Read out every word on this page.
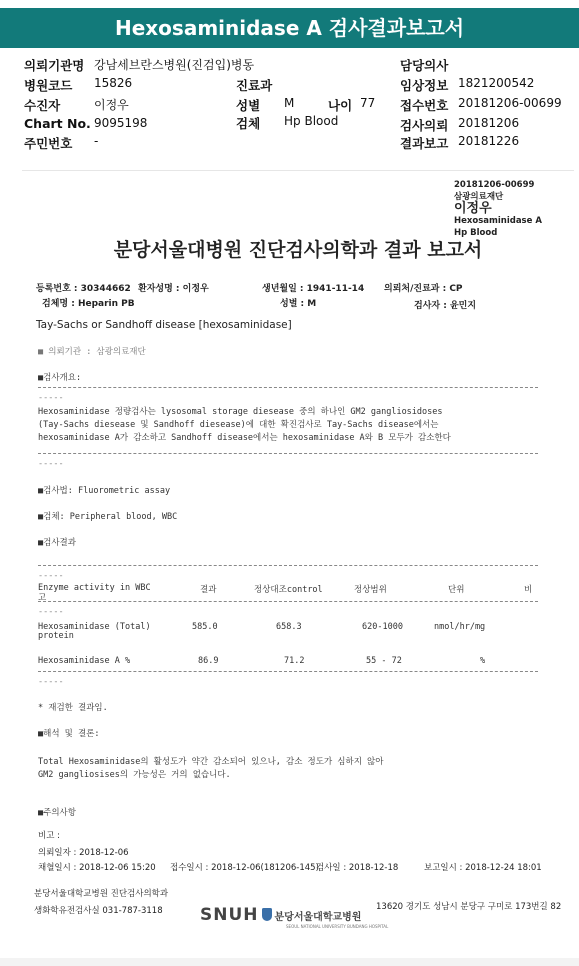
Hexosaminidase A 검사결과보고서
의뢰기관명 강남세브란스병원(진검입)병동	담당의사
병원코드 15826	진료과	임상정보 1821200542
수진자	이정우	성별 M	나이 77 접수번호 20181206-00699
Chart No. 9095198	검체 Hp Blood	검사의뢰 20181206
주민번호 -	결과보고 20181226
20181206-00699
삼광의료재단
이정우
Hexosaminidase A
Hp Blood
분당서울대병원 진단검사의학과 결과 보고서
등록번호 : 30344662 환자성명 : 이정우	생년월일 : 1941-11-14 의뢰처/진료과 : CP
검체명 : Heparin PB	성별 : M	검사자 : 윤민지
Tay-Sachs or Sandhoff disease [hexosaminidase]
■ 의뢰기관 : 삼광의료재단
■검사개요:
-----
Hexosaminidase 정량검사는 lysosomal storage diesease 중의 하나인 GM2 gangliosidoses
(Tay-Sachs diesease 및 Sandhoff diesease)에 대한 확진검사로 Tay-Sachs disease에서는
hexosaminidase A가 감소하고 Sandhoff disease에서는 hexosaminidase A와 B 모두가 감소한다
-----
■검사법: Fluorometric assay
■검체: Peripheral blood, WBC
■검사결과
-----
Enzyme activity in WBC
고
결과	정상대조control	정상범위	단위	비
-----
Hexosaminidase (Total)
protein
585.0	658.3	620-1000	nmol/hr/mg
Hexosaminidase A %	86.9	71.2	55 - 72	%
-----
* 재검한 결과임.
■해석 및 결론:
Total Hexosaminidase의 활성도가 약간 감소되어 있으나, 감소 정도가 심하지 않아
GM2 gangliosises의 가능성은 거의 없습니다.
■주의사항
비고 :
의뢰일자 : 2018-12-06
채혈일시 : 2018-12-06 15:20 접수일시 : 2018-12-06(181206-145)
검사일 : 2018-12-18	보고일시 : 2018-12-24 18:01
분당서울대학교병원 진단검사의학과
생화학유전검사실 031-787-3118 SNUH 분당서울대학교병원
SEOUL NATIONAL UNIVERSITY BUNDANG HOSPITAL
13620 경기도 성남시 분당구 구미로 173번길 82
